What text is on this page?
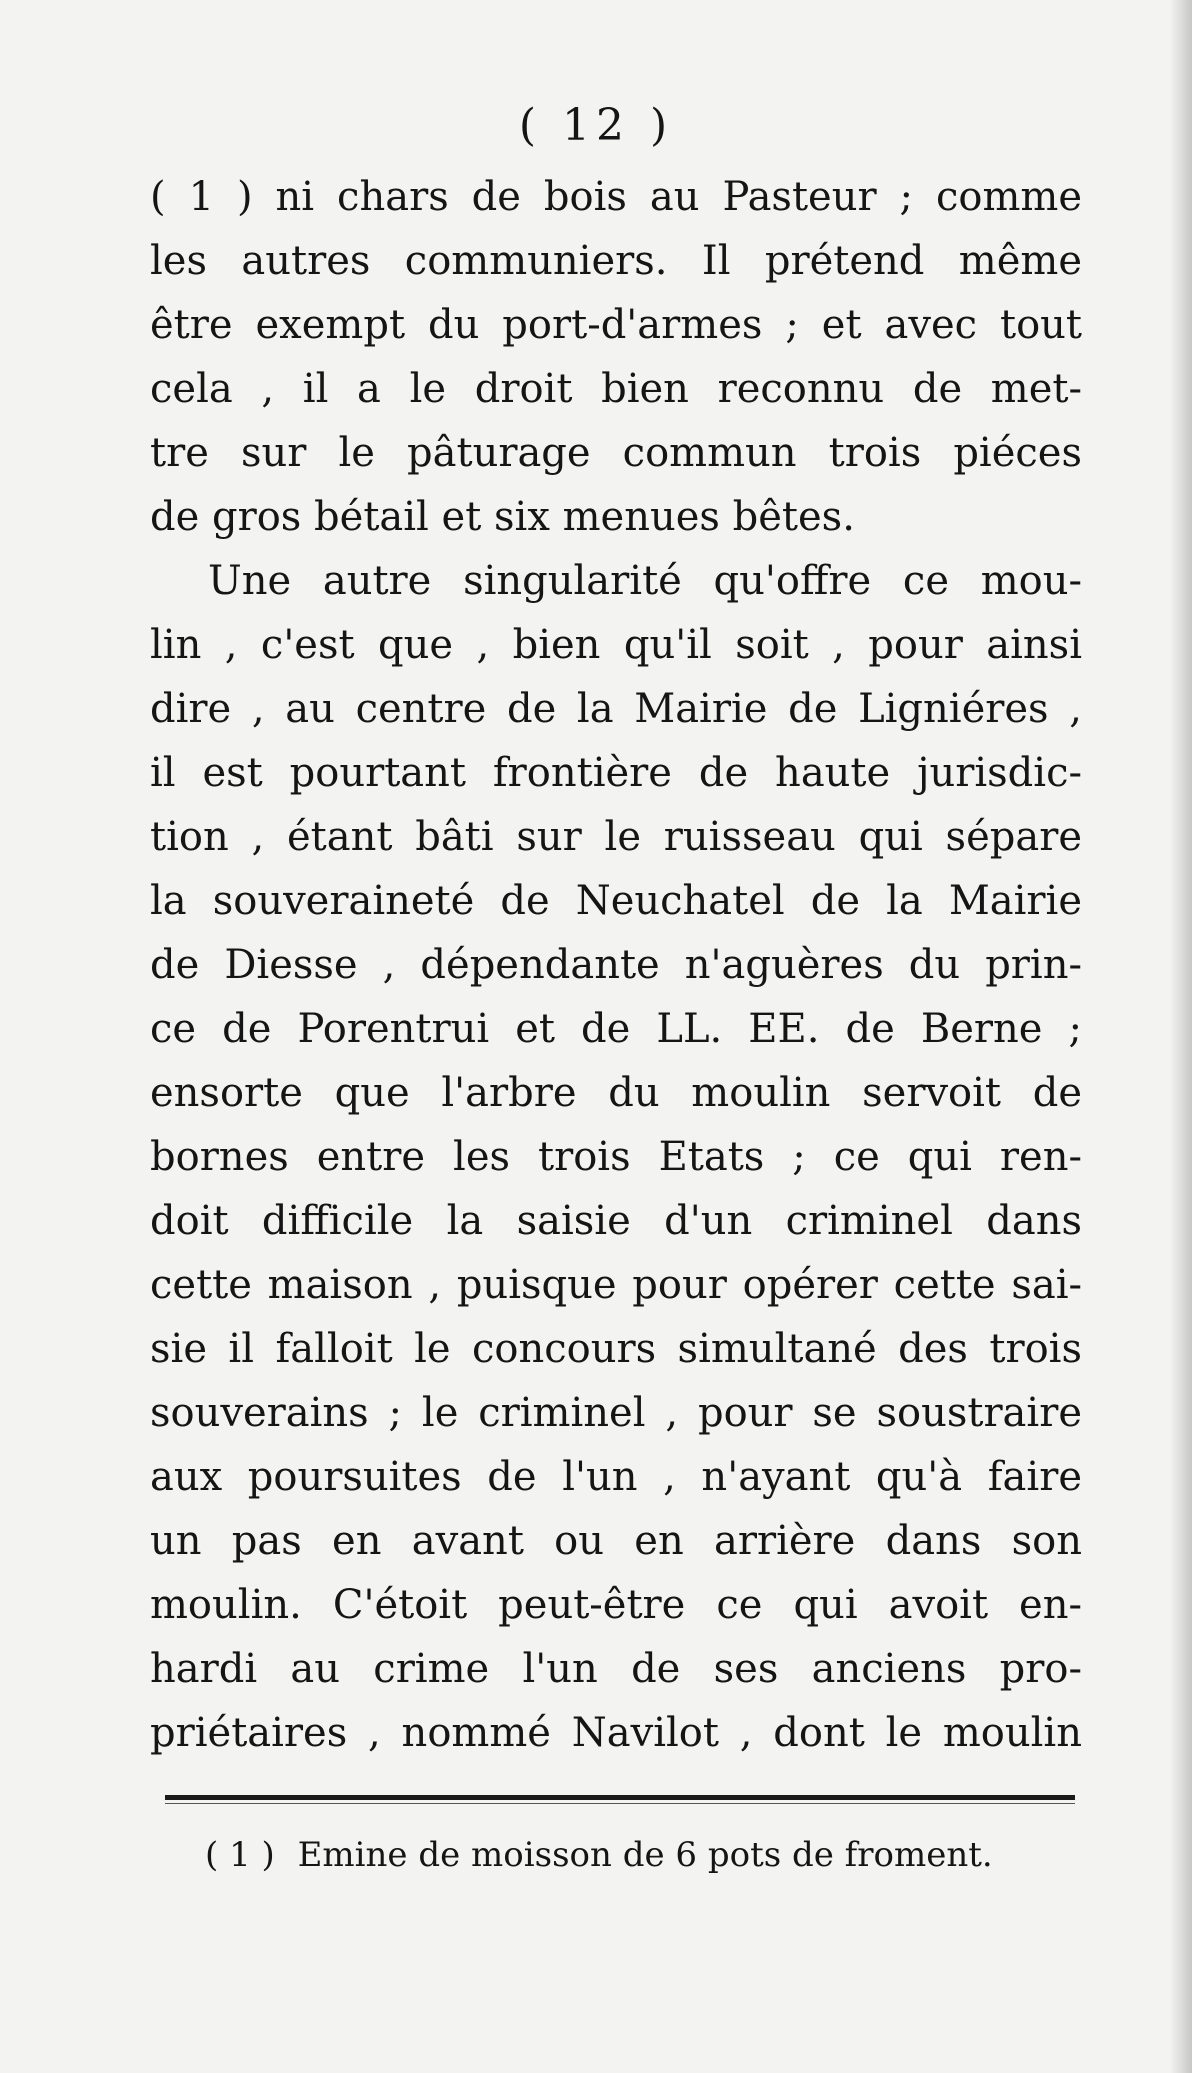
( 12 )
( 1 ) ni chars de bois au Pasteur ; comme
les autres communiers. Il prétend même
être exempt du port-d'armes ; et avec tout
cela , il a le droit bien reconnu de met-
tre sur le pâturage commun trois piéces
de gros bétail et six menues bêtes.
Une autre singularité qu'offre ce mou-
lin , c'est que , bien qu'il soit , pour ainsi
dire , au centre de la Mairie de Ligniéres ,
il est pourtant frontière de haute jurisdic-
tion , étant bâti sur le ruisseau qui sépare
la souveraineté de Neuchatel de la Mairie
de Diesse , dépendante n'aguères du prin-
ce de Porentrui et de LL. EE. de Berne ;
ensorte que l'arbre du moulin servoit de
bornes entre les trois Etats ; ce qui ren-
doit difficile la saisie d'un criminel dans
cette maison , puisque pour opérer cette sai-
sie il falloit le concours simultané des trois
souverains ; le criminel , pour se soustraire
aux poursuites de l'un , n'ayant qu'à faire
un pas en avant ou en arrière dans son
moulin. C'étoit peut-être ce qui avoit en-
hardi au crime l'un de ses anciens pro-
priétaires , nommé Navilot , dont le moulin
( 1 ) Emine de moisson de 6 pots de froment.
